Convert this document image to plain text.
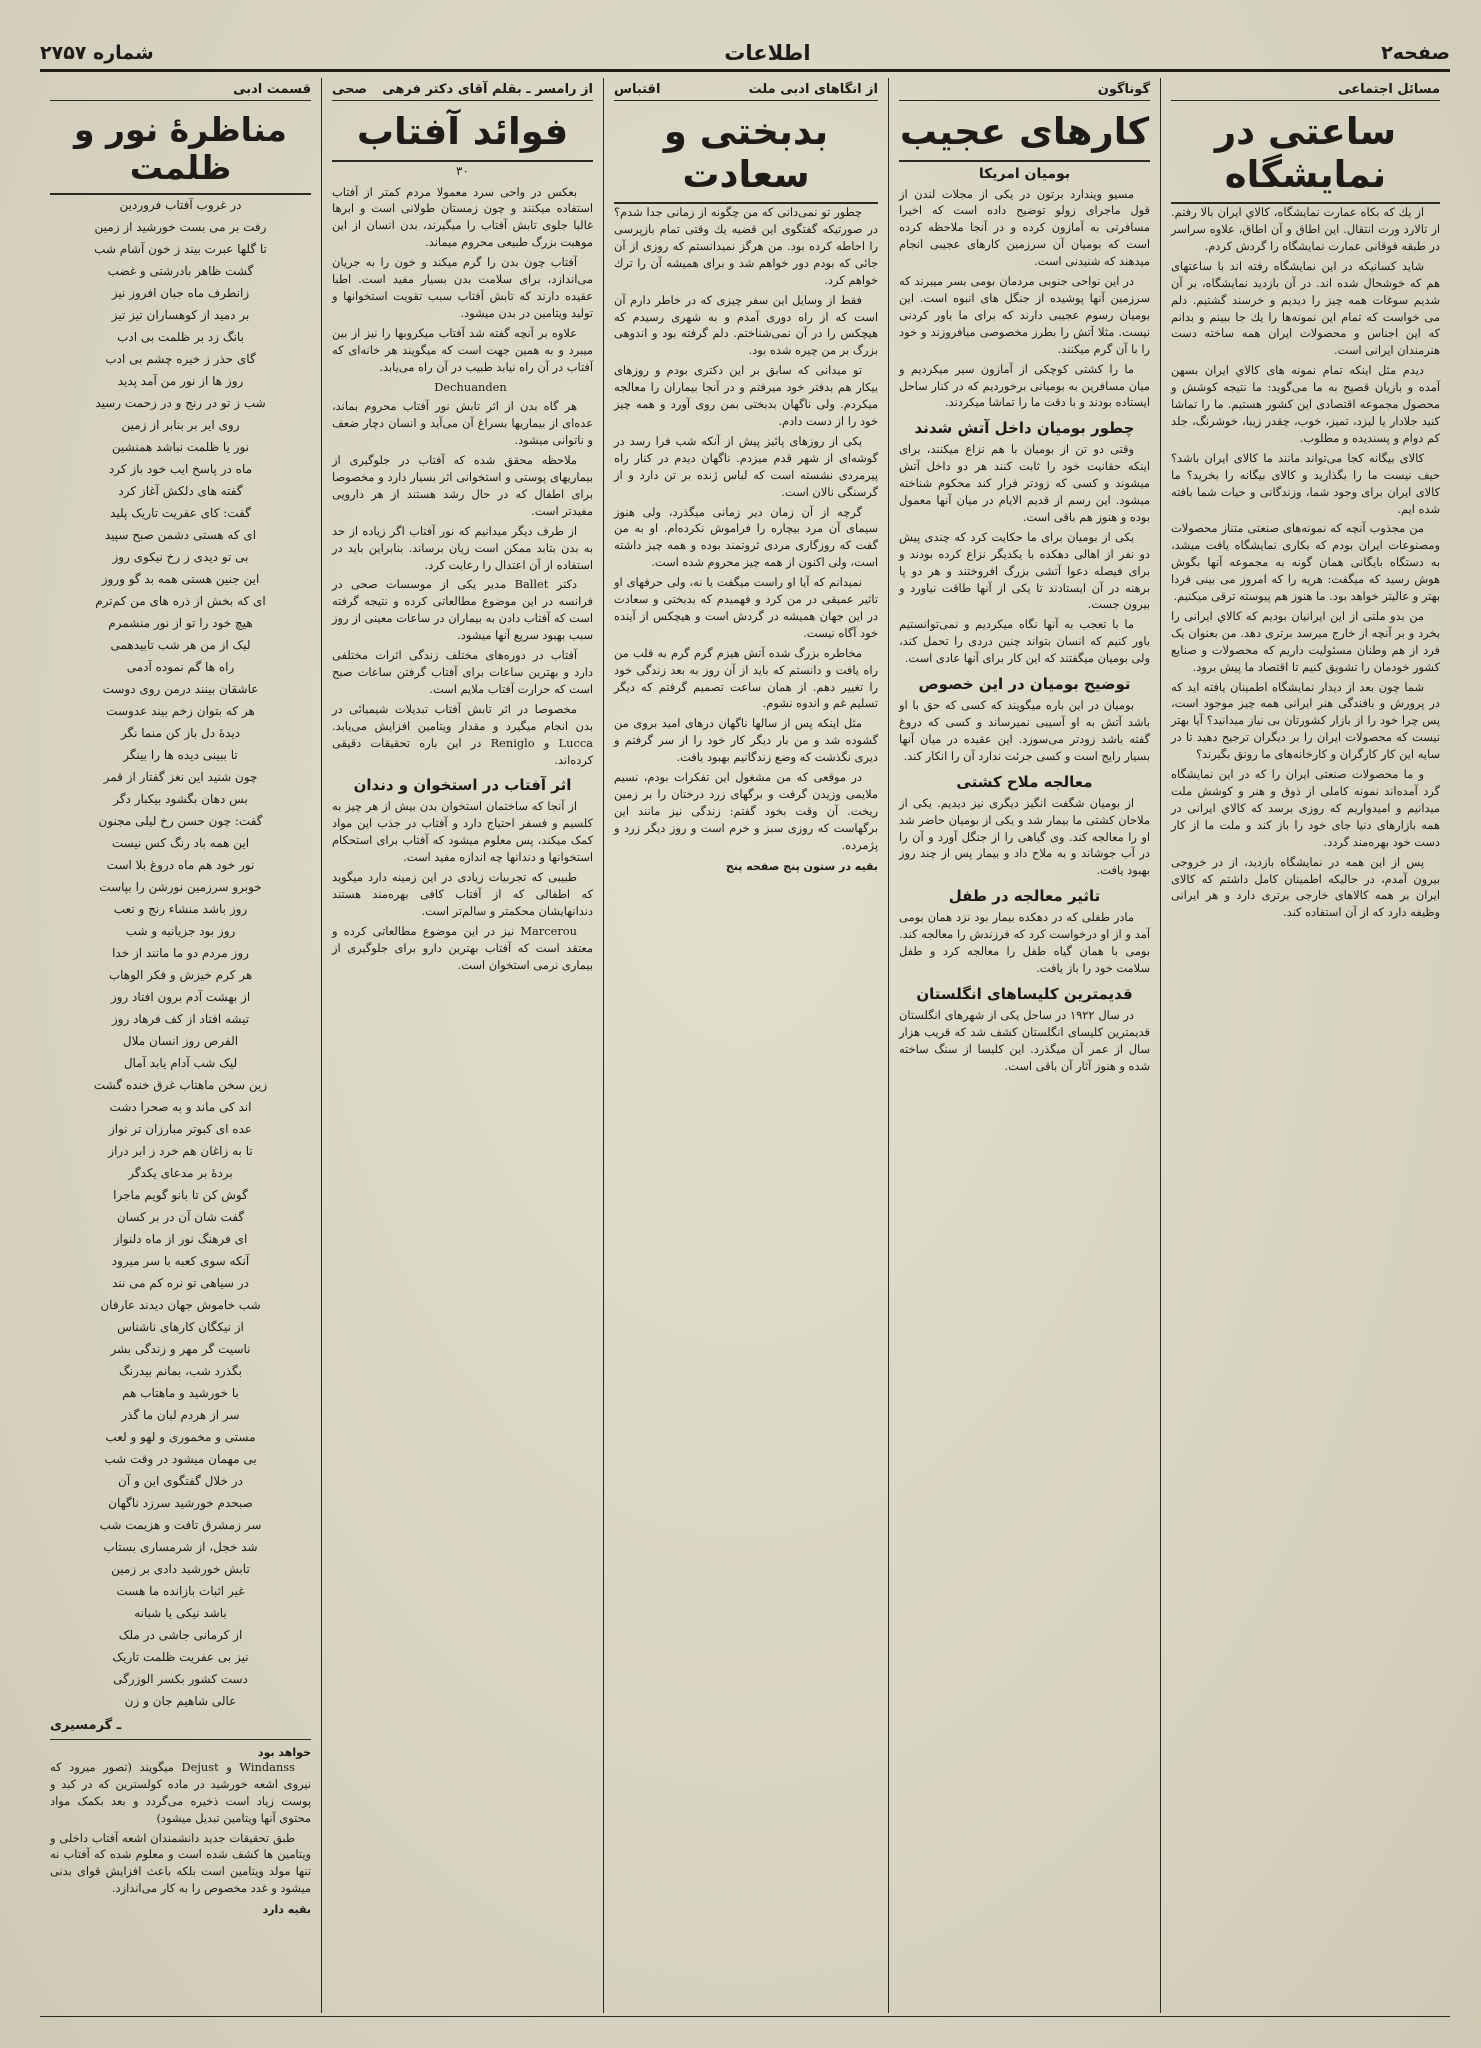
شماره ۲۷۵۷	اطلاعات	صفحه۲
مسائل اجتماعی
ساعتی در نمایشگاه

از یك که بکاه عمارت نمایشگاه، کالاي ایران بالا رفتم. از تالارد ورت انتقال. این اطاق و آن اطاق، علاوه سراسر در طبقه فوقانی عمارت نمایشگاه را گردش کردم.

شاید کسانیکه در این نمایشگاه رفته اند با ساعتهای هم که خوشحال شده اند. در آن بازدید نمایشگاه، بر آن شدیم سوغات همه چیز را دیدیم و خرسند گشتیم. دلم می خواست که تمام این نمونه‌ها را یك جا ببینم و بدانم که این اجناس و محصولات ایران همه ساخته دست هنرمندان ایرانی است.

دیدم مثل اینکه تمام نمونه های کالاي ایران بسهن آمده و بازیان قصیح به ما می‌گوید: ما نتیجه کوشش و محصول مجموعه اقتصادی این کشور هستیم. ما را تماشا کنید جلادار یا لیزد، تمیز، خوب، چقدر زیبا، خوشرنگ، جلد کم دوام و پسندیده و مطلوب.

کالای بیگانه کجا می‌تواند مانند ما کالای ایران باشد؟ حیف نیست ما را بگذارید و کالای بیگانه را بخرید؟ ما کالای ایران برای وجود شما، وزندگانی و حیات شما بافته شده ایم.

من مجذوب آنچه که نمونه‌های صنعتی متناز محصولات ومصنوعات ایران بودم که بکاری نمایشگاه یافت میشد، به دستگاه بایگانی همان گونه به مجموعه آنها بگوش هوش رسید که میگفت: هریه را که امروز می بینی فردا بهتر و عالیتر خواهد بود. ما هنوز هم پیوسته ترقی میکنیم.

من بدو ملتی از این ایرانیان بودیم که کالاي ایرانی را بخرد و بر آنچه از خارج میرسد برتری دهد. من بعنوان یک فرد از هم وطنان مسئولیت داریم که محصولات و صنایع کشور خودمان را تشویق کنیم تا اقتصاد ما پیش برود.

شما چون بعد از دیدار نمایشگاه اطمینان یافته اید که در پرورش و بافندگی هنر ایرانی همه چیز موجود است، پس چرا خود را از بازار کشورتان بی نیاز میدانید؟ آیا بهتر نیست که محصولات ایران را بر دیگران ترجیح دهید تا در سایه این کار کارگران و کارخانه‌های ما رونق بگیرند؟

و ما محصولات صنعتی ایران را که در این نمایشگاه گرد آمده‌اند نمونه کاملی از ذوق و هنر و کوشش ملت میدانیم و امیدواریم که روزی برسد که کالاي ایرانی در همه بازارهای دنیا جای خود را باز کند و ملت ما از کار دست خود بهره‌مند گردد.

پس از این همه در نمایشگاه بازدید، از در خروجی بیرون آمدم، در حالیکه اطمینان کامل داشتم که کالای ایران بر همه کالاهای خارجی برتری دارد و هر ایرانی وظیفه دارد که از آن استفاده کند.

گوناگون
کارهای عجیب
بومیان امریکا

مسیو ویندارد برتون در یکی از مجلات لندن از قول ماجرای زولو توضیح داده است که اخیرا مسافرتی به آمازون کرده و در آنجا ملاحظه کرده است که بومیان آن سرزمین کارهای عجیبی انجام میدهند که شنیدنی است.

در این نواحی جنوبی مردمان بومی بسر میبرند که سرزمین آنها پوشیده از جنگل های انبوه است. این بومیان رسوم عجیبی دارند که برای ما باور کردنی نیست. مثلا آتش را بطرز مخصوصی میافروزند و خود را با آن گرم میکنند.

ما را کشتی کوچکی از آمازون سیر میکردیم و میان مسافرین به بومیانی برخوردیم که در کنار ساحل ایستاده بودند و با دقت ما را تماشا میکردند.

چطور بومیان داخل آتش شدند

وقتی دو تن از بومیان با هم نزاع میکنند، برای اینکه حقانیت خود را ثابت کنند هر دو داخل آتش میشوند و کسی که زودتر فرار کند محکوم شناخته میشود. این رسم از قدیم الایام در میان آنها معمول بوده و هنوز هم باقی است.

یکی از بومیان برای ما حکایت کرد که چندی پیش دو نفر از اهالی دهکده با یکدیگر نزاع کرده بودند و برای فیصله دعوا آتشی بزرگ افروختند و هر دو پا برهنه در آن ایستادند تا یکی از آنها طاقت نیاورد و بیرون جست.

ما با تعجب به آنها نگاه میکردیم و نمی‌توانستیم باور کنیم که انسان بتواند چنین دردی را تحمل کند، ولی بومیان میگفتند که این کار برای آنها عادی است.

توضیح بومیان در این خصوص

بومیان در این باره میگویند که کسی که حق با او باشد آتش به او آسیبی نمیرساند و کسی که دروغ گفته باشد زودتر می‌سوزد. این عقیده در میان آنها بسیار رایج است و کسی جرئت ندارد آن را انکار کند.

معالجه ملاح کشتی

از بومیان شگفت انگیز دیگری نیز دیدیم. یکی از ملاحان کشتی ما بیمار شد و یکی از بومیان حاضر شد او را معالجه کند. وی گیاهی را از جنگل آورد و آن را در آب جوشاند و به ملاح داد و بیمار پس از چند روز بهبود یافت.

تاثیر معالجه در طفل

مادر طفلی که در دهکده بیمار بود نزد همان بومی آمد و از او درخواست کرد که فرزندش را معالجه کند. بومی با همان گیاه طفل را معالجه کرد و طفل سلامت خود را باز یافت.

قدیمترین کلیساهای انگلستان

در سال ۱۹۲۲ در ساحل یکی از شهرهای انگلستان قدیمترین کلیسای انگلستان کشف شد که قریب هزار سال از عمر آن میگذرد. این کلیسا از سنگ ساخته شده و هنوز آثار آن باقی است.

از انگاهای ادبی ملت
اقتباس
بدبختی و سعادت

چطور تو نمی‌دانی که من چگونه از زمانی جدا شدم؟ در صورتیکه گفتگوی این قضیه یك وقتی تمام بازپرسی را احاطه کرده بود. من هرگز نمیدانستم که روزی از آن جائی که بودم دور خواهم شد و برای همیشه آن را ترك خواهم کرد.

فقط از وسایل این سفر چیزی که در خاطر دارم آن است که از راه دوری آمدم و به شهری رسیدم که هیچکس را در آن نمی‌شناختم. دلم گرفته بود و اندوهی بزرگ بر من چیره شده بود.

تو میدانی که سابق بر این دکتری بودم و روزهای بیکار هم بدفتر خود میرفتم و در آنجا بیماران را معالجه میکردم. ولی ناگهان بدبختی بمن روی آورد و همه چیز خود را از دست دادم.

یکی از روزهای پائیز پیش از آنکه شب فرا رسد در گوشه‌ای از شهر قدم میزدم. ناگهان دیدم در کنار راه پیرمردی نشسته است که لباس ژنده بر تن دارد و از گرسنگی نالان است.

گرچه از آن زمان دیر زمانی میگذرد، ولی هنوز سیمای آن مرد بیچاره را فراموش نکرده‌ام. او به من گفت که روزگاری مردی ثروتمند بوده و همه چیز داشته است، ولی اکنون از همه چیز محروم شده است.

نمیدانم که آیا او راست میگفت یا نه، ولی حرفهای او تاثیر عمیقی در من کرد و فهمیدم که بدبختی و سعادت در این جهان همیشه در گردش است و هیچکس از آینده خود آگاه نیست.

مخاطره بزرگ شده آتش هیزم گرم گرم به قلب من راه یافت و دانستم که باید از آن روز به بعد زندگی خود را تغییر دهم. از همان ساعت تصمیم گرفتم که دیگر تسلیم غم و اندوه نشوم.

مثل اینکه پس از سالها ناگهان درهای امید بروی من گشوده شد و من بار دیگر کار خود را از سر گرفتم و دیری نگذشت که وضع زندگانیم بهبود یافت.

در موقعی که من مشغول این تفکرات بودم، نسیم ملایمی وزیدن گرفت و برگهای زرد درختان را بر زمین ریخت. آن وقت بخود گفتم: زندگی نیز مانند این برگهاست که روزی سبز و خرم است و روز دیگر زرد و پژمرده.

بقیه در ستون پنج صفحه پنج
از رامسر ـ بقلم آقای دکتر فرهی
صحی
فوائد آفتاب
۳۰

بعکس در واحی سرد معمولا مردم کمتر از آفتاب استفاده میکنند و چون زمستان طولانی است و ابرها غالبا جلوی تابش آفتاب را میگیرند، بدن انسان از این موهبت بزرگ طبیعی محروم میماند.

آفتاب چون بدن را گرم میکند و خون را به جریان می‌اندازد، برای سلامت بدن بسیار مفید است. اطبا عقیده دارند که تابش آفتاب سبب تقویت استخوانها و تولید ویتامین در بدن میشود.

علاوه بر آنچه گفته شد آفتاب میکروبها را نیز از بین میبرد و به همین جهت است که میگویند هر خانه‌ای که آفتاب در آن راه نیابد طبیب در آن راه می‌یابد.

Dechuanden

هر گاه بدن از اثر تابش نور آفتاب محروم بماند، عده‌ای از بیماریها بسراغ آن می‌آید و انسان دچار ضعف و ناتوانی میشود.

ملاحظه محقق شده که آفتاب در جلوگیری از بیماریهای پوستی و استخوانی اثر بسیار دارد و مخصوصا برای اطفال که در حال رشد هستند از هر دارویی مفیدتر است.

از طرف دیگر میدانیم که نور آفتاب اگر زیاده از حد به بدن بتابد ممکن است زیان برساند. بنابراین باید در استفاده از آن اعتدال را رعایت کرد.

دکتر Ballet مدیر یکی از موسسات صحی در فرانسه در این موضوع مطالعاتی کرده و نتیجه گرفته است که آفتاب دادن به بیماران در ساعات معینی از روز سبب بهبود سریع آنها میشود.

آفتاب در دوره‌های مختلف زندگی اثرات مختلفی دارد و بهترین ساعات برای آفتاب گرفتن ساعات صبح است که حرارت آفتاب ملایم است.

مخصوصا در اثر تابش آفتاب تبدیلات شیمیائی در بدن انجام میگیرد و مقدار ویتامین افزایش می‌یابد. Lucca و Reniglo در این باره تحقیقات دقیقی کرده‌اند.

اثر آفتاب در استخوان و دندان

از آنجا که ساختمان استخوان بدن بیش از هر چیز به کلسیم و فسفر احتیاج دارد و آفتاب در جذب این مواد کمک میکند، پس معلوم میشود که آفتاب برای استحکام استخوانها و دندانها چه اندازه مفید است.

طبیبی که تجربیات زیادی در این زمینه دارد میگوید که اطفالی که از آفتاب کافی بهره‌مند هستند دندانهایشان محکمتر و سالم‌تر است.

Marcerou نیز در این موضوع مطالعاتی کرده و معتقد است که آفتاب بهترین دارو برای جلوگیری از بیماری نرمی استخوان است.

قسمت ادبی
مناظرهٔ نور و ظلمت

در غروب آفتاب فروردین

رفت بر می بست خورشید از زمین

تا گلها عبرت بیند ز خون آشام شب

گشت ظاهر بادرشتی و غضب

زانطرف ماه جبان افروز نیز

بر دمید از کوهساران تیز تیز

بانگ زد بر ظلمت بی ادب

گای حذر ز خیره چشم بی ادب

روز ها از نور من آمد پدید

شب ز تو در رنج و در زحمت رسید

روی ایر بر بنابر از زمین

نور یا ظلمت نباشد همنشین

ماه در پاسخ ایب خود باز کرد

گفته های دلکش آغاز کرد

گفت: کای عفریت تاریک پلید

ای که هستی دشمن صبح سپید

بی تو دیدی ز رخ نیکوی روز

این جنین هستی همه بد گو وروز

ای که بخش از ذره های من کم‌ترم

هیچ خود را تو از نور منشمرم

لیک از من هر شب تابیدهمی

راه ها گم نموده آدمی

عاشقان بینند درمن روی دوست

هر که بتوان زخم بیند عدوست

دیدهٔ دل باز کن منما نگر

تا ببینی دیده ها را بینگر

چون شنید این نغز گفتار از قمر

بس دهان بگشود بیکبار دگر

گفت: چون حسن رخ لیلی مجنون

این همه باد رنگ کس نیست

نور خود هم ماه دروغ بلا است

خوبرو سرزمین نورشن را بپاست

روز باشد منشاء رنج و تعب

روز بود جزیانیه و شب

روز مردم دو ما مانند از خدا

هر کرم خیزش و فکر الوهاب

از بهشت آدم برون افتاد روز

تیشه افتاد از کف فرهاد روز

الفرص روز انسان ملال

لیک شب آدام یابد آمال

زین سخن ماهتاب غرق خنده گشت

اند کی ماند و به صحرا دشت

عده ای کبوتر مبارزان تر نواز

تا به زاغان هم خرد ز ابر دراز

بردهٔ بر مدعای یکدگر

گوش کن تا بانو گویم ماجرا

گفت شان آن در بر کسان

ای فرهنگ نور از ماه دلنواز

آنکه سوی کعبه با سر میرود

در سیاهی تو نره کم می نند

شب خاموش جهان دیدند عارفان

از نیکگان کارهای ناشناس

ناسیت گر مهر و زندگی بشر

بگذرد شب، بمانم بیدرنگ

با خورشید و ماهتاب هم

سر از هردم لبان ما گذر

مستی و مخموری و لهو و لعب

بی مهمان میشود در وقت شب

در خلال گفتگوی این و آن

صبحدم خورشید سرزد ناگهان

سر زمشرق تافت و هزیمت شب

شد خجل، از شرمساری بستاب

تابش خورشید دادی بر زمین

غیر اثبات بازانده ما هست

باشد نیکی یا شبانه

از کرمانی جاشی در ملک

نیز بی عفریت ظلمت تاریک

دست کشور بکسر الوزرگی

عالی شاهیم جان و زن

ـ گرمسیری
خواهد بود

Windanss و Dejust میگویند (تصور میرود که نیروی اشعه خورشید در ماده کولسترین که در کبد و پوست زیاد است ذخیره می‌گردد و بعد بکمک مواد محتوی آنها ویتامین تبدیل میشود)

طبق تحقیقات جدید دانشمندان اشعه آفتاب داخلی و ویتامین ها کشف شده است و معلوم شده که آفتاب نه تنها مولد ویتامین است بلکه باعث افزایش قوای بدنی میشود و غدد مخصوص را به کار می‌اندازد.

بقیه دارد
